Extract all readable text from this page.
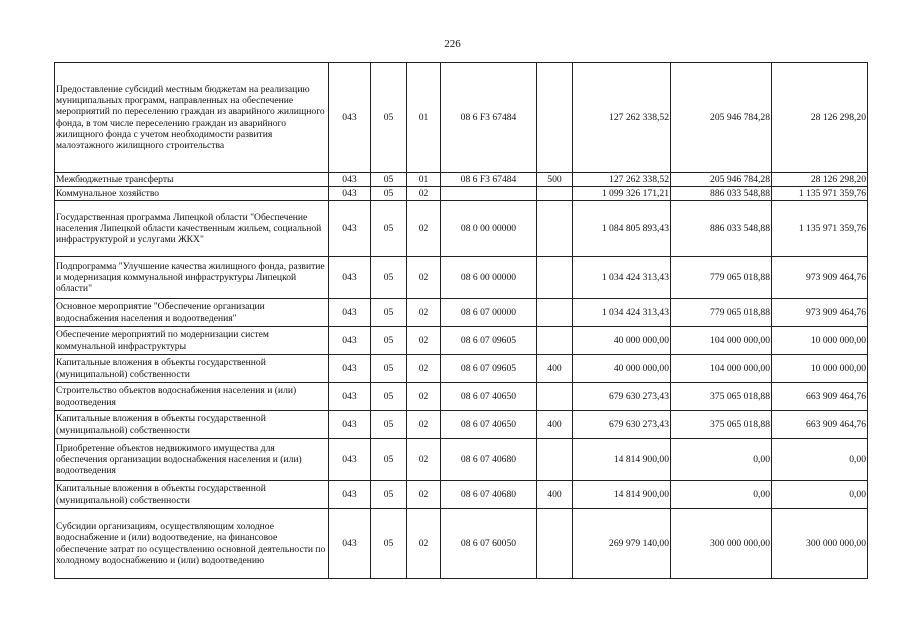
226
Предоставление субсидий местным бюджетам на реализацию муниципальных программ, направленных на обеспечение мероприятий по переселению граждан из аварийного жилищного фонда, в том числе переселению граждан из аварийного жилищного фонда с учетом необходимости развития малоэтажного жилищного строительства	043	05	01	08 6 F3 67484		127 262 338,52	205 946 784,28	28 126 298,20
Межбюджетные трансферты	043	05	01	08 6 F3 67484	500	127 262 338,52	205 946 784,28	28 126 298,20
Коммунальное хозяйство	043	05	02			1 099 326 171,21	886 033 548,88	1 135 971 359,76
Государственная программа Липецкой области "Обеспечение населения Липецкой области качественным жильем, социальной инфраструктурой и услугами ЖКХ"	043	05	02	08 0 00 00000		1 084 805 893,43	886 033 548,88	1 135 971 359,76
Подпрограмма "Улучшение качества жилищного фонда, развитие и модернизация коммунальной инфраструктуры Липецкой области"	043	05	02	08 6 00 00000		1 034 424 313,43	779 065 018,88	973 909 464,76
Основное мероприятие "Обеспечение организации водоснабжения населения и водоотведения"	043	05	02	08 6 07 00000		1 034 424 313,43	779 065 018,88	973 909 464,76
Обеспечение мероприятий по модернизации систем коммунальной инфраструктуры	043	05	02	08 6 07 09605		40 000 000,00	104 000 000,00	10 000 000,00
Капитальные вложения в объекты государственной (муниципальной) собственности	043	05	02	08 6 07 09605	400	40 000 000,00	104 000 000,00	10 000 000,00
Строительство объектов водоснабжения населения и (или) водоотведения	043	05	02	08 6 07 40650		679 630 273,43	375 065 018,88	663 909 464,76
Капитальные вложения в объекты государственной (муниципальной) собственности	043	05	02	08 6 07 40650	400	679 630 273,43	375 065 018,88	663 909 464,76
Приобретение объектов недвижимого имущества для обеспечения организации водоснабжения населения и (или) водоотведения	043	05	02	08 6 07 40680		14 814 900,00	0,00	0,00
Капитальные вложения в объекты государственной (муниципальной) собственности	043	05	02	08 6 07 40680	400	14 814 900,00	0,00	0,00
Субсидии организациям, осуществляющим холодное водоснабжение и (или) водоотведение, на финансовое обеспечение затрат по осуществлению основной деятельности по холодному водоснабжению и (или) водоотведению	043	05	02	08 6 07 60050		269 979 140,00	300 000 000,00	300 000 000,00
